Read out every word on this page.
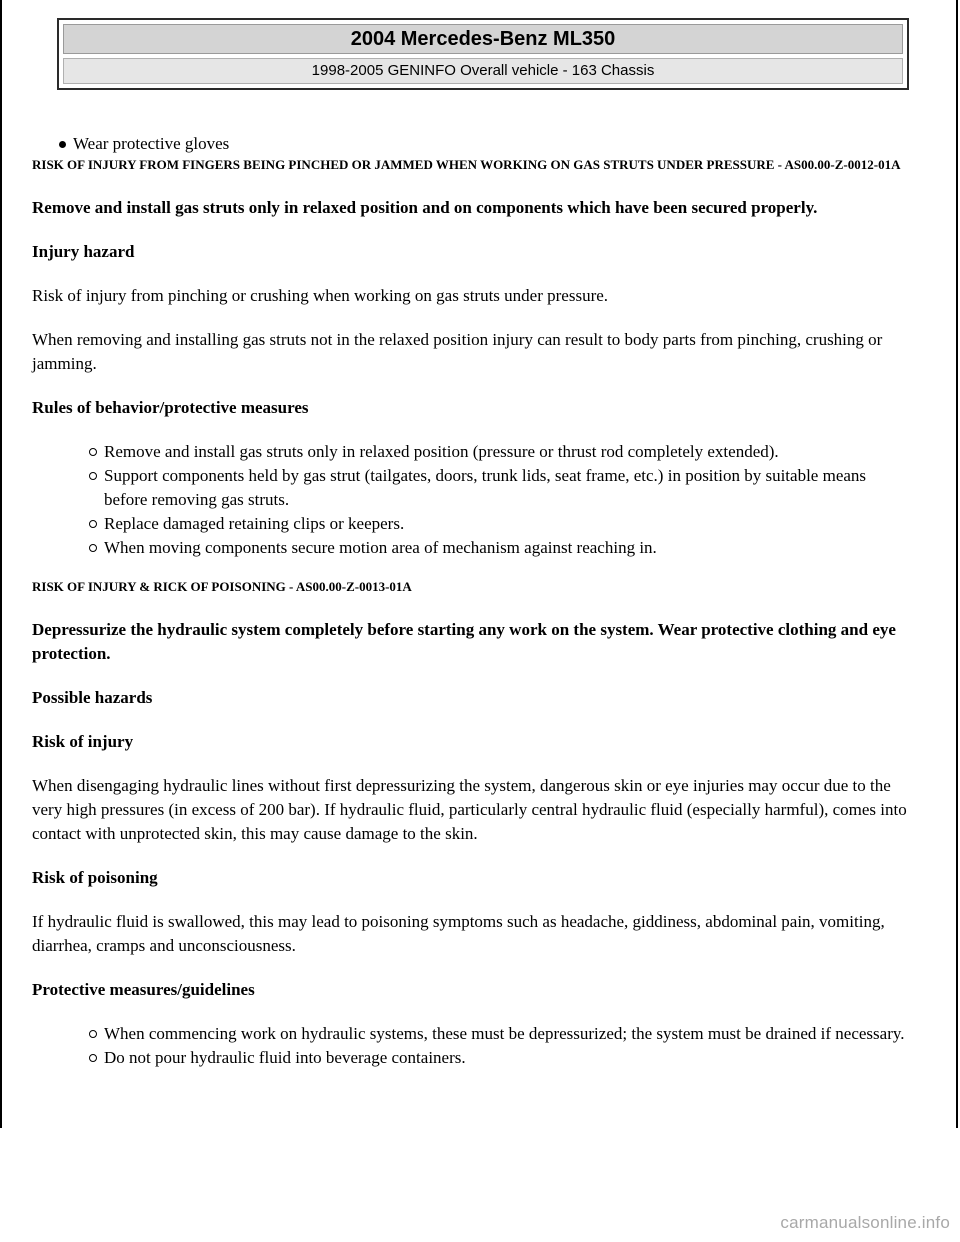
2004 Mercedes-Benz ML350
1998-2005 GENINFO Overall vehicle - 163 Chassis

Wear protective gloves

RISK OF INJURY FROM FINGERS BEING PINCHED OR JAMMED WHEN WORKING ON GAS STRUTS UNDER PRESSURE - AS00.00-Z-0012-01A

Remove and install gas struts only in relaxed position and on components which have been secured properly.

Injury hazard

Risk of injury from pinching or crushing when working on gas struts under pressure.

When removing and installing gas struts not in the relaxed position injury can result to body parts from pinching, crushing or jamming.

Rules of behavior/protective measures

Remove and install gas struts only in relaxed position (pressure or thrust rod completely extended).

Support components held by gas strut (tailgates, doors, trunk lids, seat frame, etc.) in position by suitable means before removing gas struts.

Replace damaged retaining clips or keepers.

When moving components secure motion area of mechanism against reaching in.

RISK OF INJURY & RICK OF POISONING - AS00.00-Z-0013-01A

Depressurize the hydraulic system completely before starting any work on the system. Wear protective clothing and eye protection.

Possible hazards

Risk of injury

When disengaging hydraulic lines without first depressurizing the system, dangerous skin or eye injuries may occur due to the very high pressures (in excess of 200 bar). If hydraulic fluid, particularly central hydraulic fluid (especially harmful), comes into contact with unprotected skin, this may cause damage to the skin.

Risk of poisoning

If hydraulic fluid is swallowed, this may lead to poisoning symptoms such as headache, giddiness, abdominal pain, vomiting, diarrhea, cramps and unconsciousness.

Protective measures/guidelines

When commencing work on hydraulic systems, these must be depressurized; the system must be drained if necessary.

Do not pour hydraulic fluid into beverage containers.

carmanualsonline.info
